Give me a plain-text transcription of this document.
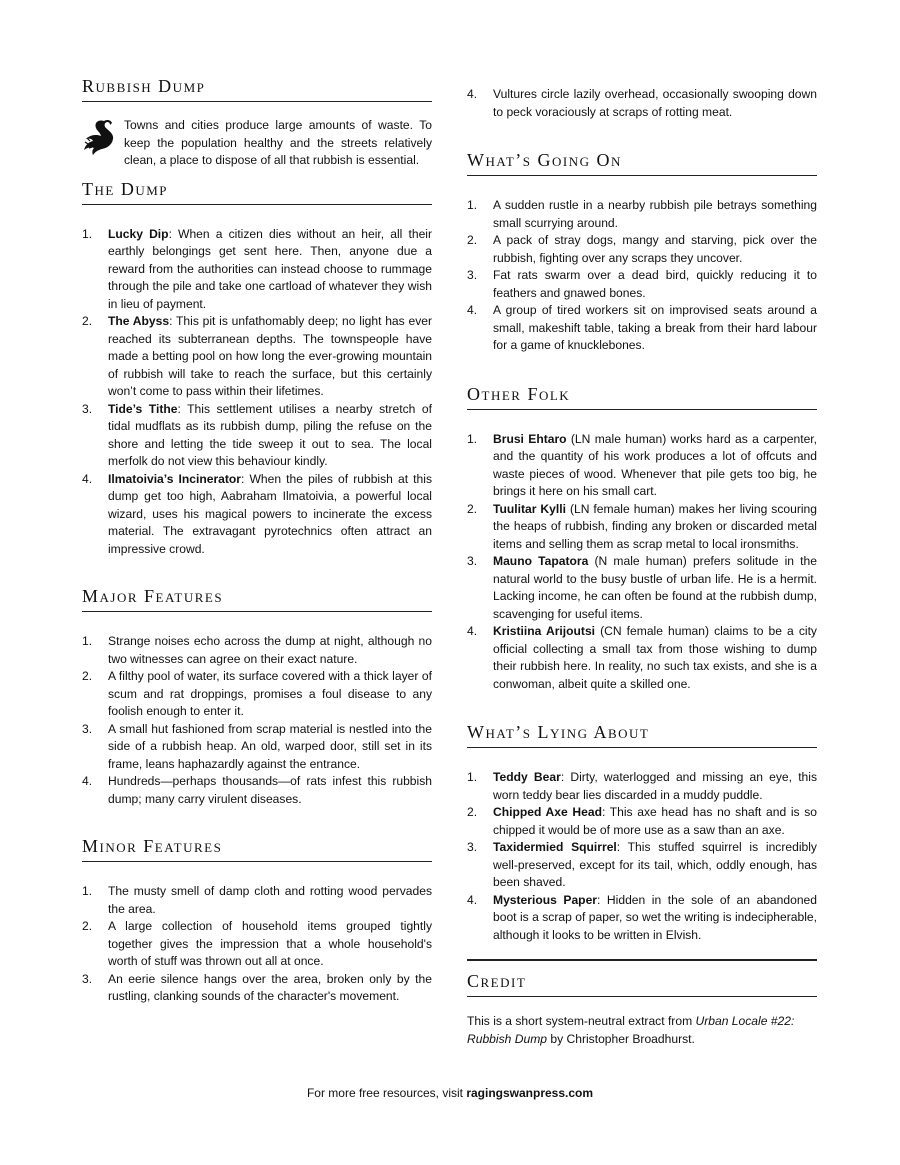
Rubbish Dump

Towns and cities produce large amounts of waste. To keep the population healthy and the streets relatively clean, a place to dispose of all that rubbish is essential.

The Dump
1. Lucky Dip: When a citizen dies without an heir, all their earthly belongings get sent here. Then, anyone due a reward from the authorities can instead choose to rummage through the pile and take one cartload of whatever they wish in lieu of payment.
2. The Abyss: This pit is unfathomably deep; no light has ever reached its subterranean depths. The townspeople have made a betting pool on how long the ever-growing mountain of rubbish will take to reach the surface, but this certainly won’t come to pass within their lifetimes.
3. Tide’s Tithe: This settlement utilises a nearby stretch of tidal mudflats as its rubbish dump, piling the refuse on the shore and letting the tide sweep it out to sea. The local merfolk do not view this behaviour kindly.
4. Ilmatoivia’s Incinerator: When the piles of rubbish at this dump get too high, Aabraham Ilmatoivia, a powerful local wizard, uses his magical powers to incinerate the excess material. The extravagant pyrotechnics often attract an impressive crowd.
Major Features
1. Strange noises echo across the dump at night, although no two witnesses can agree on their exact nature.
2. A filthy pool of water, its surface covered with a thick layer of scum and rat droppings, promises a foul disease to any foolish enough to enter it.
3. A small hut fashioned from scrap material is nestled into the side of a rubbish heap. An old, warped door, still set in its frame, leans haphazardly against the entrance.
4. Hundreds—perhaps thousands—of rats infest this rubbish dump; many carry virulent diseases.
Minor Features
1. The musty smell of damp cloth and rotting wood pervades the area.
2. A large collection of household items grouped tightly together gives the impression that a whole household's worth of stuff was thrown out all at once.
3. An eerie silence hangs over the area, broken only by the rustling, clanking sounds of the character's movement.
4. Vultures circle lazily overhead, occasionally swooping down to peck voraciously at scraps of rotting meat.
What’s Going On
1. A sudden rustle in a nearby rubbish pile betrays something small scurrying around.
2. A pack of stray dogs, mangy and starving, pick over the rubbish, fighting over any scraps they uncover.
3. Fat rats swarm over a dead bird, quickly reducing it to feathers and gnawed bones.
4. A group of tired workers sit on improvised seats around a small, makeshift table, taking a break from their hard labour for a game of knucklebones.
Other Folk
1. Brusi Ehtaro (LN male human) works hard as a carpenter, and the quantity of his work produces a lot of offcuts and waste pieces of wood. Whenever that pile gets too big, he brings it here on his small cart.
2. Tuulitar Kylli (LN female human) makes her living scouring the heaps of rubbish, finding any broken or discarded metal items and selling them as scrap metal to local ironsmiths.
3. Mauno Tapatora (N male human) prefers solitude in the natural world to the busy bustle of urban life. He is a hermit. Lacking income, he can often be found at the rubbish dump, scavenging for useful items.
4. Kristiina Arijoutsi (CN female human) claims to be a city official collecting a small tax from those wishing to dump their rubbish here. In reality, no such tax exists, and she is a conwoman, albeit quite a skilled one.
What’s Lying About
1. Teddy Bear: Dirty, waterlogged and missing an eye, this worn teddy bear lies discarded in a muddy puddle.
2. Chipped Axe Head: This axe head has no shaft and is so chipped it would be of more use as a saw than an axe.
3. Taxidermied Squirrel: This stuffed squirrel is incredibly well-preserved, except for its tail, which, oddly enough, has been shaved.
4. Mysterious Paper: Hidden in the sole of an abandoned boot is a scrap of paper, so wet the writing is indecipherable, although it looks to be written in Elvish.
Credit

This is a short system-neutral extract from Urban Locale #22: Rubbish Dump by Christopher Broadhurst.

For more free resources, visit ragingswanpress.com
